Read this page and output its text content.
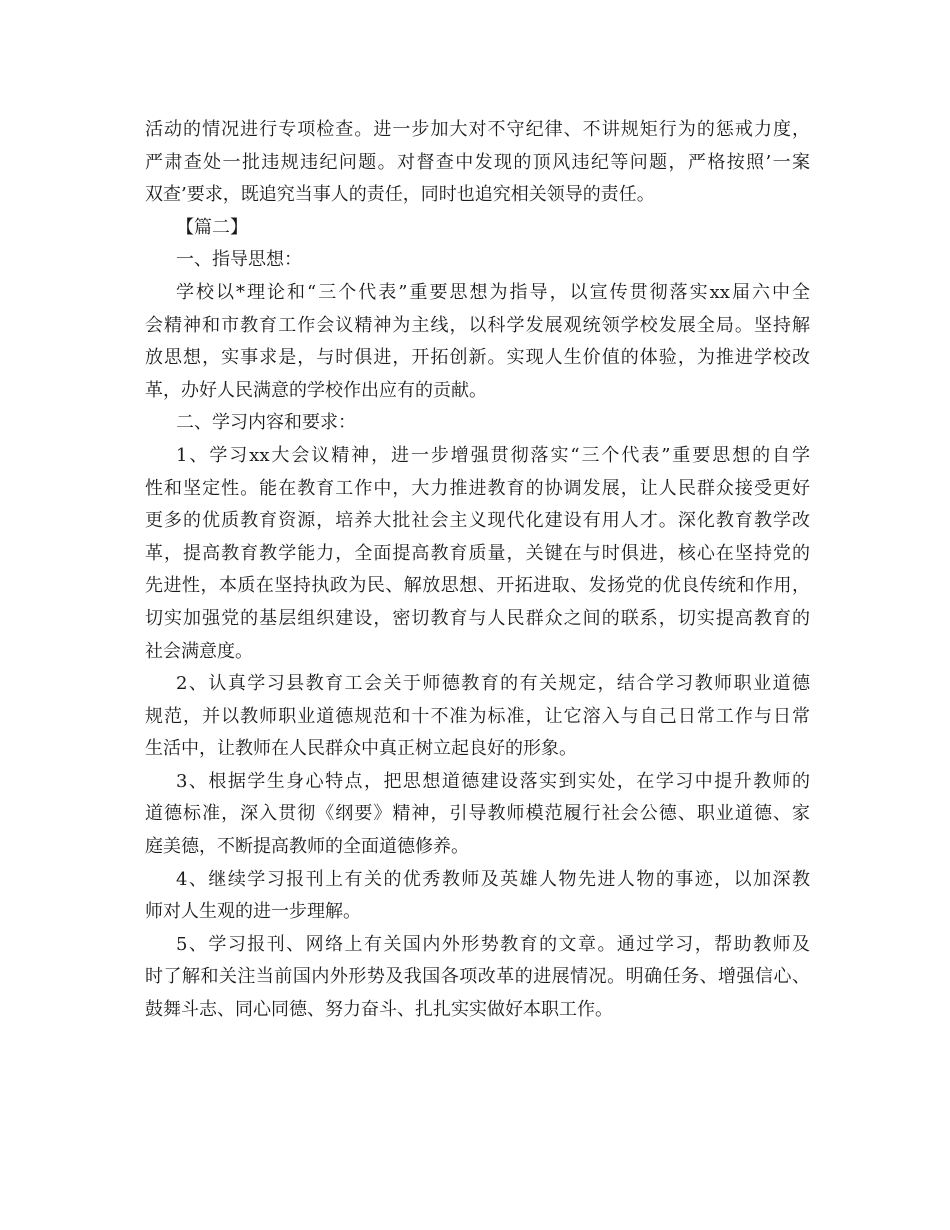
活动的情况进行专项检查。进一步加大对不守纪律、不讲规矩行为的惩戒力度，
严肃查处一批违规违纪问题。对督查中发现的顶风违纪等问题，严格按照’一案
双查’要求，既追究当事人的责任，同时也追究相关领导的责任。
【篇二】
一、指导思想：
学校以*理论和“三个代表”重要思想为指导，以宣传贯彻落实xx届六中全
会精神和市教育工作会议精神为主线，以科学发展观统领学校发展全局。坚持解
放思想，实事求是，与时俱进，开拓创新。实现人生价值的体验，为推进学校改
革，办好人民满意的学校作出应有的贡献。
二、学习内容和要求：
1、学习xx大会议精神，进一步增强贯彻落实“三个代表”重要思想的自学
性和坚定性。能在教育工作中，大力推进教育的协调发展，让人民群众接受更好
更多的优质教育资源，培养大批社会主义现代化建设有用人才。深化教育教学改
革，提高教育教学能力，全面提高教育质量，关键在与时俱进，核心在坚持党的
先进性，本质在坚持执政为民、解放思想、开拓进取、发扬党的优良传统和作用，
切实加强党的基层组织建设，密切教育与人民群众之间的联系，切实提高教育的
社会满意度。
2、认真学习县教育工会关于师德教育的有关规定，结合学习教师职业道德
规范，并以教师职业道德规范和十不准为标准，让它溶入与自己日常工作与日常
生活中，让教师在人民群众中真正树立起良好的形象。
3、根据学生身心特点，把思想道德建设落实到实处，在学习中提升教师的
道德标准，深入贯彻《纲要》精神，引导教师模范履行社会公德、职业道德、家
庭美德，不断提高教师的全面道德修养。
4、继续学习报刊上有关的优秀教师及英雄人物先进人物的事迹，以加深教
师对人生观的进一步理解。
5、学习报刊、网络上有关国内外形势教育的文章。通过学习，帮助教师及
时了解和关注当前国内外形势及我国各项改革的进展情况。明确任务、增强信心、
鼓舞斗志、同心同德、努力奋斗、扎扎实实做好本职工作。
